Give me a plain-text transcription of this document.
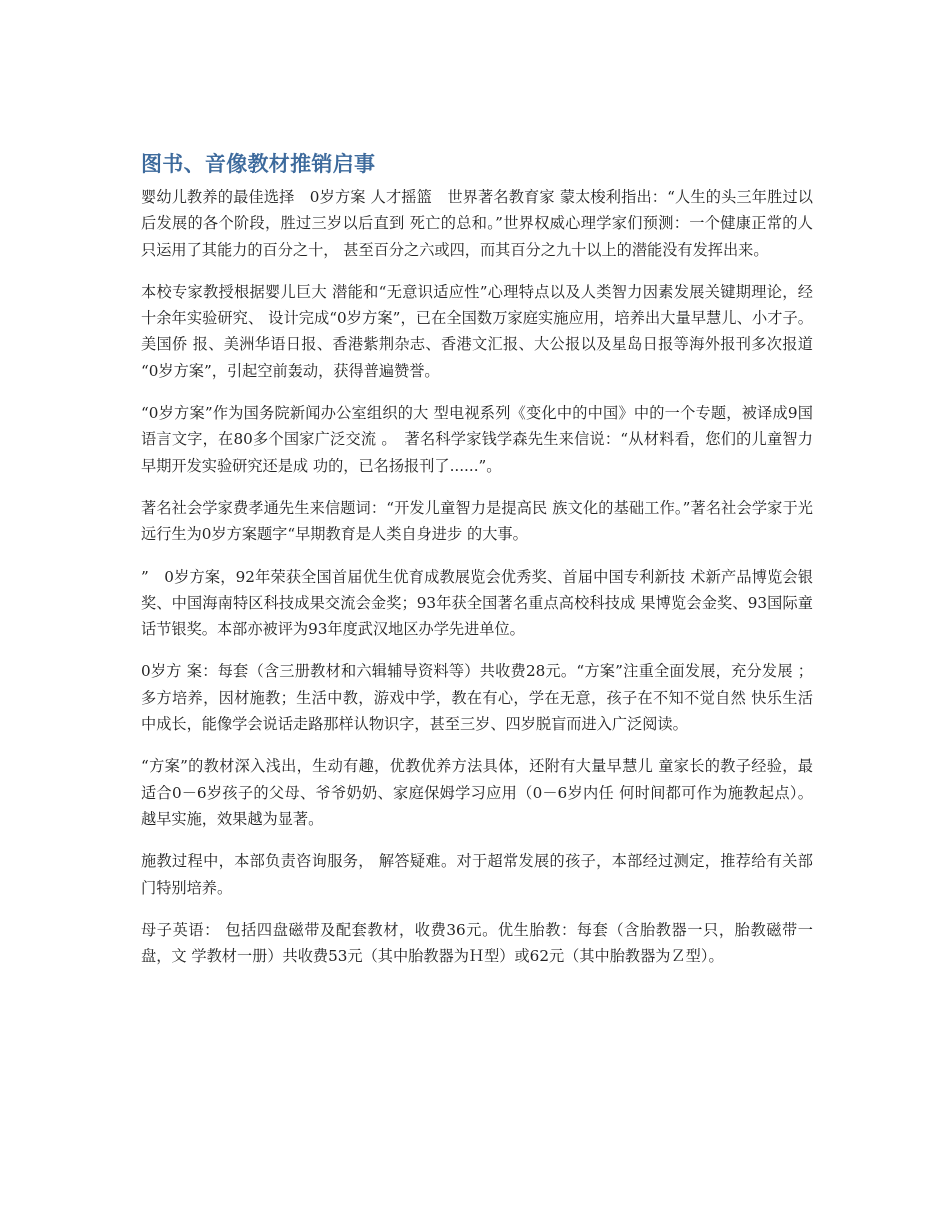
图书、音像教材推销启事

婴幼儿教养的最佳选择　0岁方案 人才摇篮　世界著名教育家 蒙太梭利指出：“人生的头三年胜过以后发展的各个阶段，胜过三岁以后直到 死亡的总和。”世界权威心理学家们预测：一个健康正常的人只运用了其能力的百分之十， 甚至百分之六或四，而其百分之九十以上的潜能没有发挥出来。

本校专家教授根据婴儿巨大 潜能和“无意识适应性”心理特点以及人类智力因素发展关键期理论，经十余年实验研究、 设计完成“0岁方案”，已在全国数万家庭实施应用，培养出大量早慧儿、小才子。美国侨 报、美洲华语日报、香港紫荆杂志、香港文汇报、大公报以及星岛日报等海外报刊多次报道 “0岁方案”，引起空前轰动，获得普遍赞誉。

“0岁方案”作为国务院新闻办公室组织的大 型电视系列《变化中的中国》中的一个专题，被译成9国语言文字，在80多个国家广泛交流 。　著名科学家钱学森先生来信说：“从材料看，您们的儿童智力早期开发实验研究还是成 功的，已名扬报刊了......”。

著名社会学家费孝通先生来信题词：“开发儿童智力是提高民 族文化的基础工作。”著名社会学家于光远行生为0岁方案题字“早期教育是人类自身进步 的大事。

”　0岁方案，92年荣获全国首届优生优育成教展览会优秀奖、首届中国专利新技 术新产品博览会银奖、中国海南特区科技成果交流会金奖；93年获全国著名重点高校科技成 果博览会金奖、93国际童话节银奖。本部亦被评为93年度武汉地区办学先进单位。

0岁方 案：每套（含三册教材和六辑辅导资料等）共收费28元。“方案”注重全面发展，充分发展 ；多方培养，因材施教；生活中教，游戏中学，教在有心，学在无意，孩子在不知不觉自然 快乐生活中成长，能像学会说话走路那样认物识字，甚至三岁、四岁脱盲而进入广泛阅读。

“方案”的教材深入浅出，生动有趣，优教优养方法具体，还附有大量早慧儿 童家长的教子经验，最适合0－6岁孩子的父母、爷爷奶奶、家庭保姆学习应用（0－6岁内任 何时间都可作为施教起点）。越早实施，效果越为显著。

施教过程中，本部负责咨询服务， 解答疑难。对于超常发展的孩子，本部经过测定，推荐给有关部门特别培养。

母子英语： 包括四盘磁带及配套教材，收费36元。优生胎教：每套（含胎教器一只，胎教磁带一盘，文 学教材一册）共收费53元（其中胎教器为Ｈ型）或62元（其中胎教器为Ｚ型）。
